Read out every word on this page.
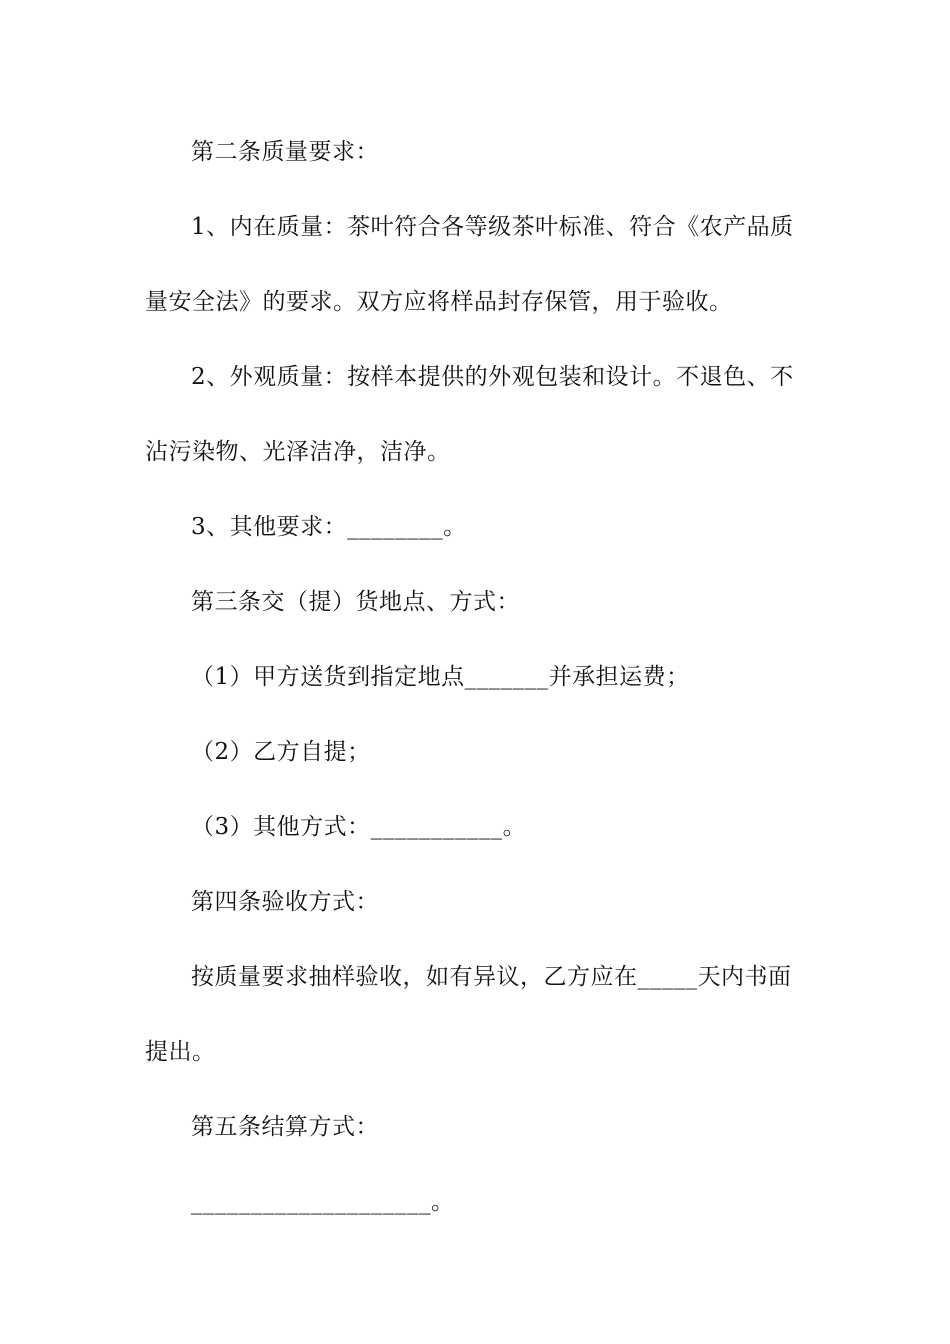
第二条质量要求：
1、内在质量：茶叶符合各等级茶叶标准、符合《农产品质
量安全法》的要求。双方应将样品封存保管，用于验收。
2、外观质量：按样本提供的外观包装和设计。不退色、不
沾污染物、光泽洁净，洁净。
3、其他要求：________。
第三条交（提）货地点、方式：
（1）甲方送货到指定地点_______并承担运费；
（2）乙方自提；
（3）其他方式：___________。
第四条验收方式：
按质量要求抽样验收，如有异议，乙方应在_____天内书面
提出。
第五条结算方式：
____________________。
